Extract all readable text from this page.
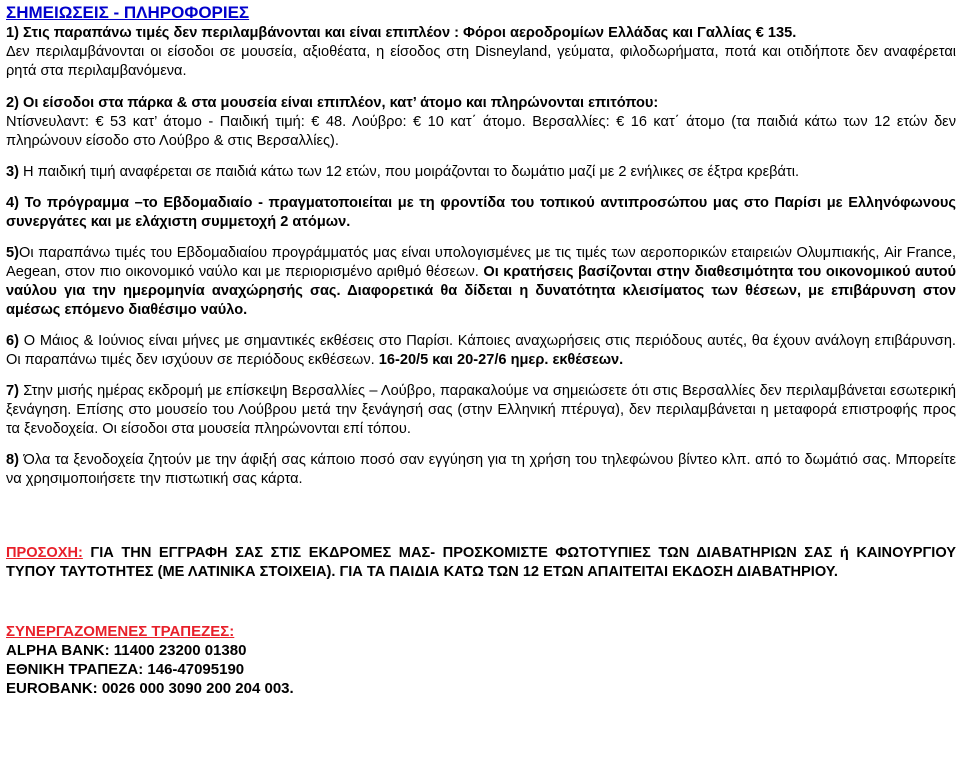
ΣΗΜΕΙΩΣΕΙΣ - ΠΛΗΡΟΦΟΡΙΕΣ

1) Στις παραπάνω τιμές δεν περιλαμβάνονται και είναι επιπλέον : Φόροι αεροδρομίων Ελλάδας και Γαλλίας € 135.

Δεν περιλαμβάνονται οι είσοδοι σε μουσεία, αξιοθέατα, η είσοδος στη Disneyland, γεύματα, φιλοδωρήματα, ποτά και οτιδήποτε δεν αναφέρεται ρητά στα περιλαμβανόμενα.

2) Οι είσοδοι στα πάρκα & στα μουσεία είναι επιπλέον, κατ’ άτομο και πληρώνονται επιτόπου:

Ντίσνευλαντ: € 53 κατ’ άτομο - Παιδική τιμή: € 48. Λούβρο: € 10 κατ΄ άτομο. Βερσαλλίες: € 16 κατ΄ άτομο (τα παιδιά κάτω των 12 ετών δεν πληρώνουν είσοδο στο Λούβρο & στις Βερσαλλίες).

3) Η παιδική τιμή αναφέρεται σε παιδιά κάτω των 12 ετών, που μοιράζονται το δωμάτιο μαζί με 2 ενήλικες σε έξτρα κρεβάτι.

4) Το πρόγραμμα –το Εβδομαδιαίο - πραγματοποιείται με τη φροντίδα του τοπικού αντιπροσώπου μας στο Παρίσι με Ελληνόφωνους συνεργάτες και με ελάχιστη συμμετοχή 2 ατόμων.

5)Οι παραπάνω τιμές του Εβδομαδιαίου προγράμματός μας είναι υπολογισμένες με τις τιμές των αεροπορικών εταιρειών Ολυμπιακής, Air France, Aegean, στον πιο οικονομικό ναύλο και με περιορισμένο αριθμό θέσεων. Οι κρατήσεις βασίζονται στην διαθεσιμότητα του οικονομικού αυτού ναύλου για την ημερομηνία αναχώρησής σας. Διαφορετικά θα δίδεται η δυνατότητα κλεισίματος των θέσεων, με επιβάρυνση στον αμέσως επόμενο διαθέσιμο ναύλο.

6) Ο Μάιος & Ιούνιος είναι μήνες με σημαντικές εκθέσεις στο Παρίσι. Κάποιες αναχωρήσεις στις περιόδους αυτές, θα έχουν ανάλογη επιβάρυνση. Οι παραπάνω τιμές δεν ισχύουν σε περιόδους εκθέσεων. 16-20/5 και 20-27/6 ημερ. εκθέσεων.

7) Στην μισής ημέρας εκδρομή με επίσκεψη Βερσαλλίες – Λούβρο, παρακαλούμε να σημειώσετε ότι στις Βερσαλλίες δεν περιλαμβάνεται εσωτερική ξενάγηση. Επίσης στο μουσείο του Λούβρου μετά την ξενάγησή σας (στην Ελληνική πτέρυγα), δεν περιλαμβάνεται η μεταφορά επιστροφής προς τα ξενοδοχεία. Οι είσοδοι στα μουσεία πληρώνονται επί τόπου.

8) Όλα τα ξενοδοχεία ζητούν με την άφιξή σας κάποιο ποσό σαν εγγύηση για τη χρήση του τηλεφώνου βίντεο κλπ. από το δωμάτιό σας. Μπορείτε να χρησιμοποιήσετε την πιστωτική σας κάρτα.

ΠΡΟΣΟΧΗ: ΓΙΑ ΤΗΝ ΕΓΓΡΑΦΗ ΣΑΣ ΣΤΙΣ ΕΚΔΡΟΜΕΣ ΜΑΣ- ΠΡΟΣΚΟΜΙΣΤΕ ΦΩΤΟΤΥΠΙΕΣ ΤΩΝ ΔΙΑΒΑΤΗΡΙΩΝ ΣΑΣ ή ΚΑΙΝΟΥΡΓΙΟΥ ΤΥΠΟΥ ΤΑΥΤΟΤΗΤΕΣ (ΜΕ ΛΑΤΙΝΙΚΑ ΣΤΟΙΧΕΙΑ). ΓΙΑ ΤΑ ΠΑΙΔΙΑ ΚΑΤΩ ΤΩΝ 12 ΕΤΩΝ ΑΠΑΙΤΕΙΤΑΙ ΕΚΔΟΣΗ ΔΙΑΒΑΤΗΡΙΟΥ.

ΣΥΝΕΡΓΑΖΟΜΕΝΕΣ ΤΡΑΠΕΖΕΣ:

ALPHA BANK: 11400 23200 01380

ΕΘΝΙΚΗ ΤΡΑΠΕΖΑ: 146-47095190

EUROBANK: 0026 000 3090 200 204 003.
